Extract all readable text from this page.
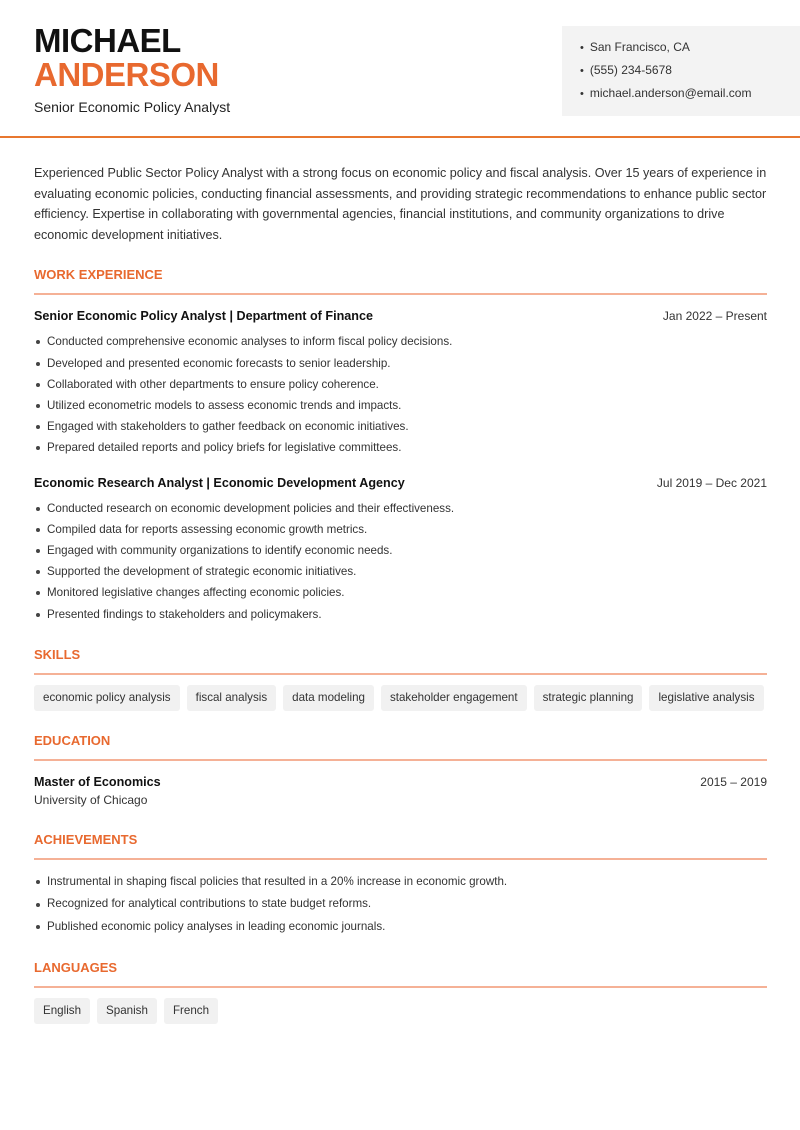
MICHAEL
ANDERSON
Senior Economic Policy Analyst
• San Francisco, CA
• (555) 234-5678
• michael.anderson@email.com

Experienced Public Sector Policy Analyst with a strong focus on economic policy and fiscal analysis. Over 15 years of experience in evaluating economic policies, conducting financial assessments, and providing strategic recommendations to enhance public sector efficiency. Expertise in collaborating with governmental agencies, financial institutions, and community organizations to drive economic development initiatives.

WORK EXPERIENCE
Senior Economic Policy Analyst | Department of Finance	Jan 2022 – Present
Conducted comprehensive economic analyses to inform fiscal policy decisions.
Developed and presented economic forecasts to senior leadership.
Collaborated with other departments to ensure policy coherence.
Utilized econometric models to assess economic trends and impacts.
Engaged with stakeholders to gather feedback on economic initiatives.
Prepared detailed reports and policy briefs for legislative committees.
Economic Research Analyst | Economic Development Agency	Jul 2019 – Dec 2021
Conducted research on economic development policies and their effectiveness.
Compiled data for reports assessing economic growth metrics.
Engaged with community organizations to identify economic needs.
Supported the development of strategic economic initiatives.
Monitored legislative changes affecting economic policies.
Presented findings to stakeholders and policymakers.
SKILLS
economic policy analysis	fiscal analysis	data modeling	stakeholder engagement	strategic planning	legislative analysis
EDUCATION
Master of Economics	2015 – 2019
University of Chicago
ACHIEVEMENTS
Instrumental in shaping fiscal policies that resulted in a 20% increase in economic growth.
Recognized for analytical contributions to state budget reforms.
Published economic policy analyses in leading economic journals.
LANGUAGES
English	Spanish	French
